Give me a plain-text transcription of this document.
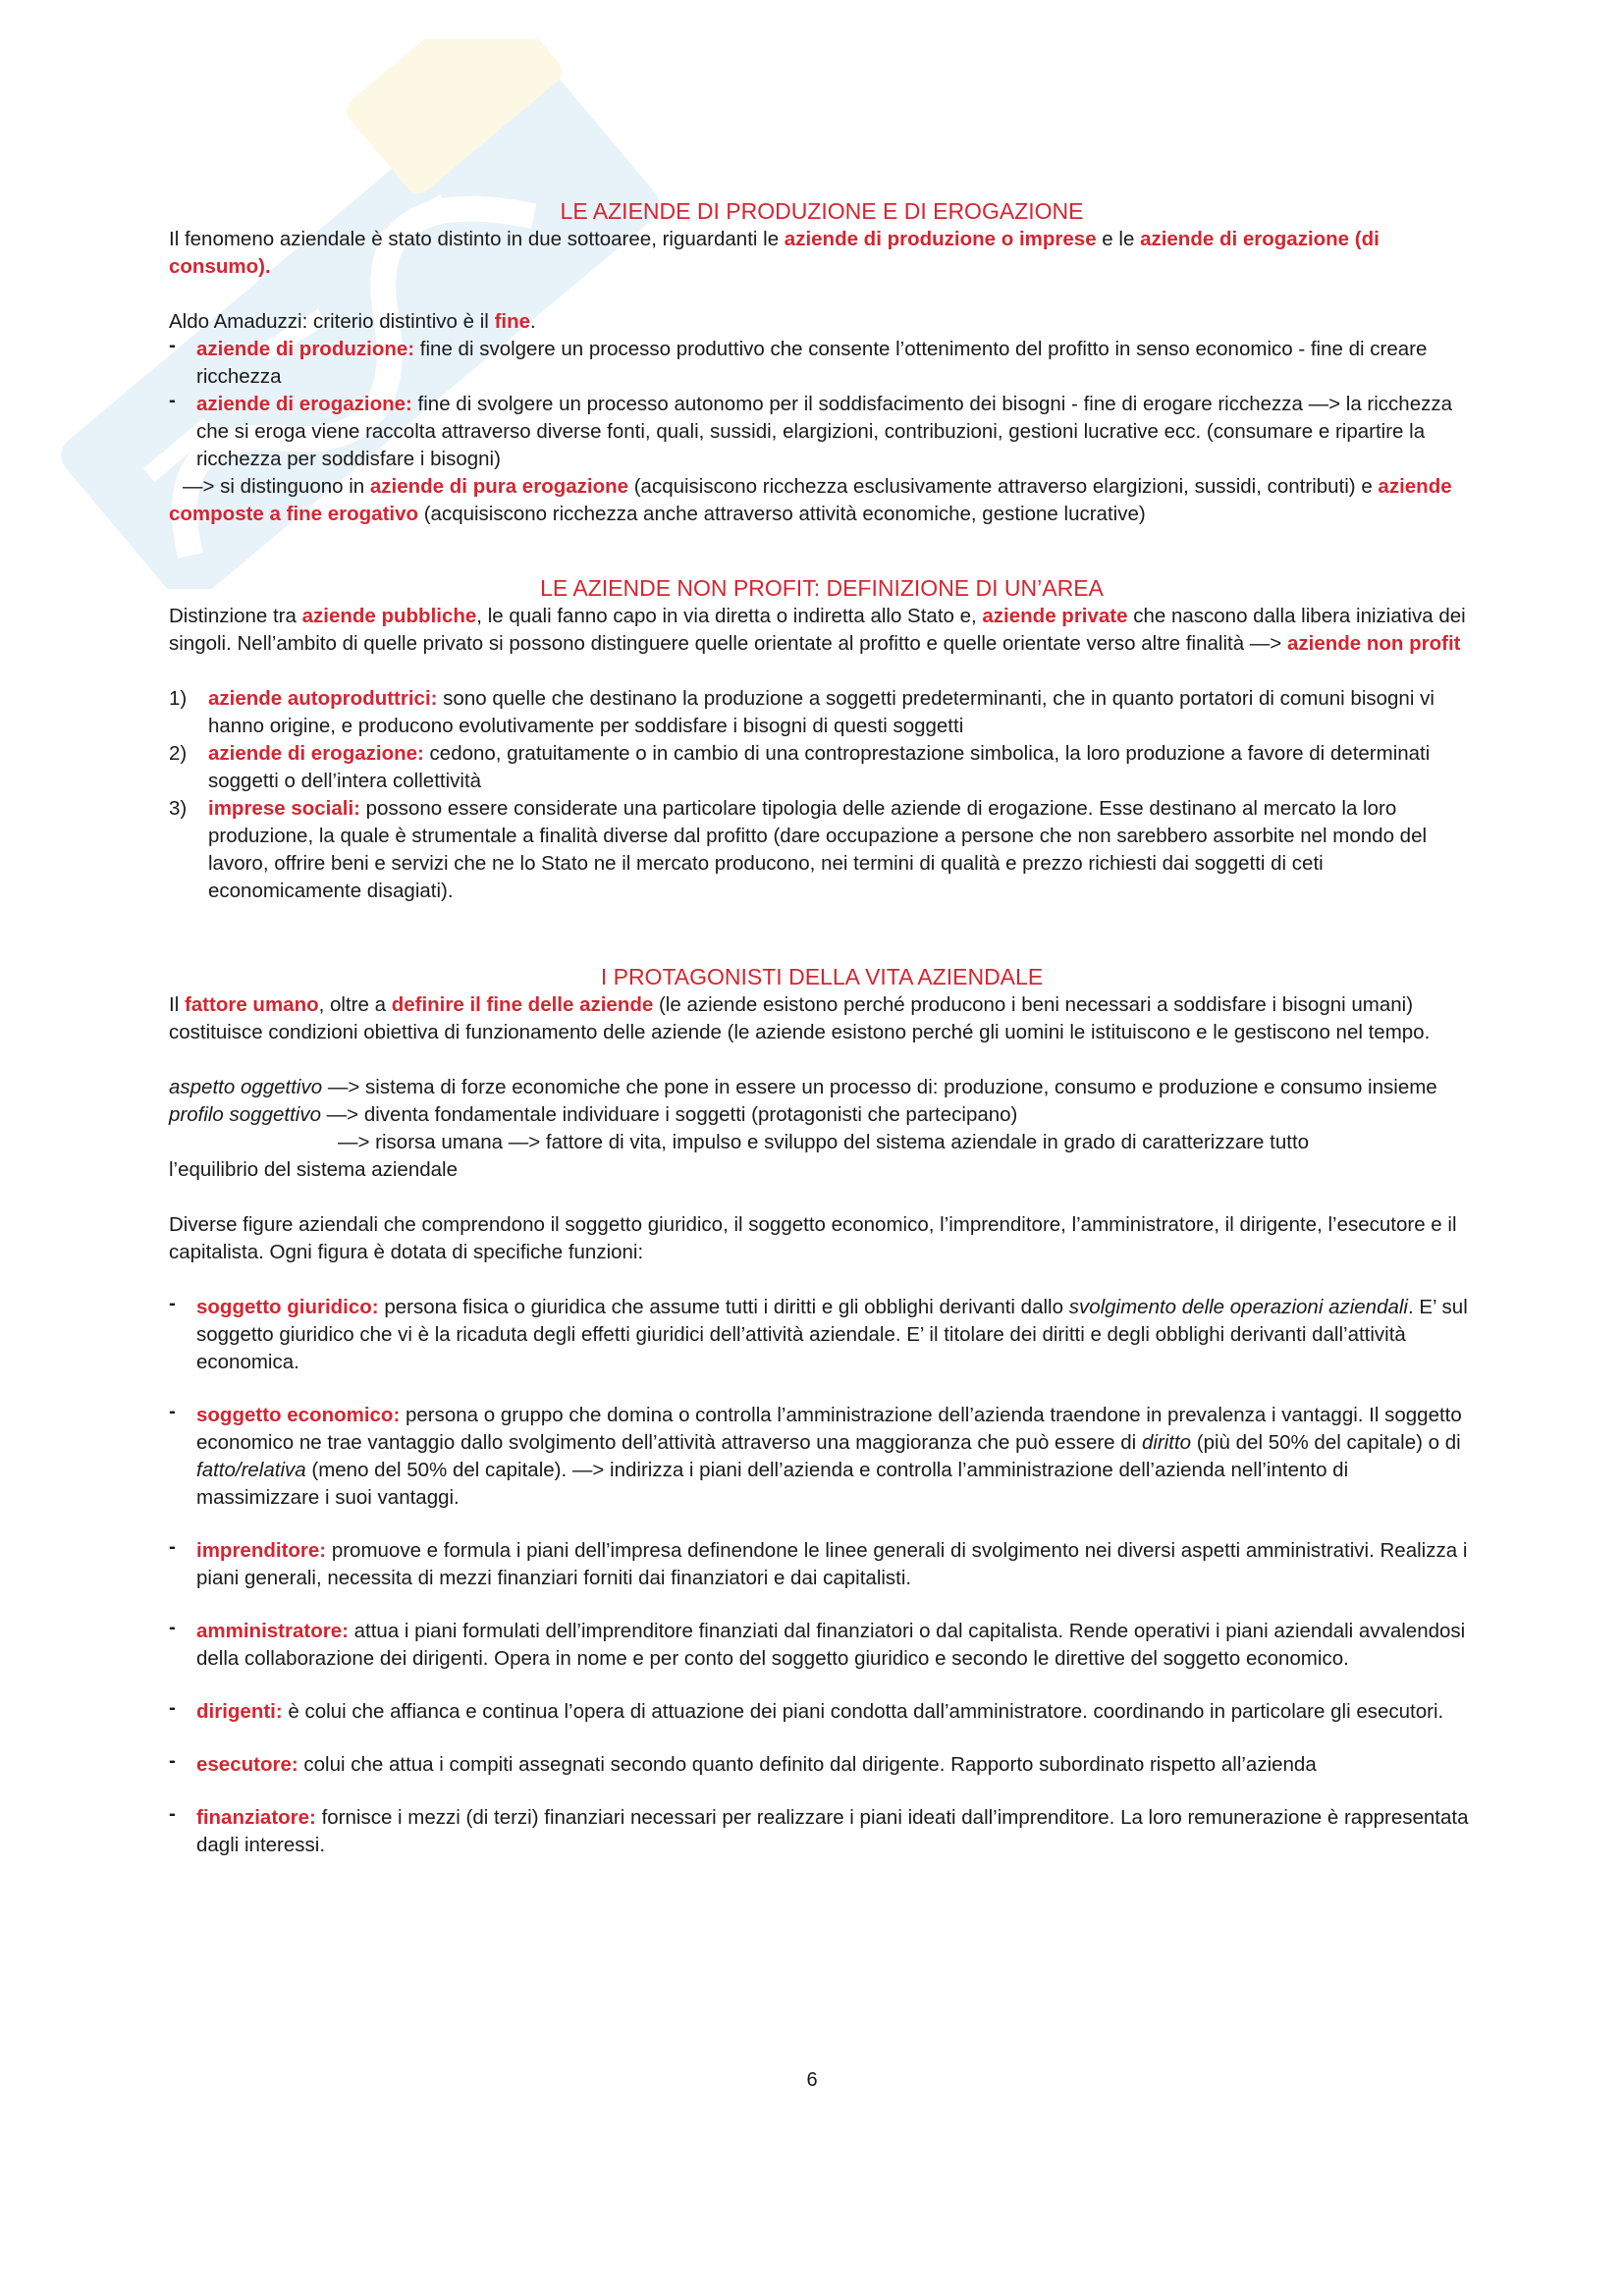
LE AZIENDE DI PRODUZIONE E DI EROGAZIONE

Il fenomeno aziendale è stato distinto in due sottoaree, riguardanti le aziende di produzione o imprese e le aziende di erogazione (di consumo).

Aldo Amaduzzi: criterio distintivo è il fine.

- aziende di produzione: fine di svolgere un processo produttivo che consente l’ottenimento del profitto in senso economico - fine di creare ricchezza

- aziende di erogazione: fine di svolgere un processo autonomo per il soddisfacimento dei bisogni - fine di erogare ricchezza —> la ricchezza che si eroga viene raccolta attraverso diverse fonti, quali, sussidi, elargizioni, contribuzioni, gestioni lucrative ecc. (consumare e ripartire la ricchezza per soddisfare i bisogni)

—> si distinguono in aziende di pura erogazione (acquisiscono ricchezza esclusivamente attraverso elargizioni, sussidi, contributi) e aziende composte a fine erogativo (acquisiscono ricchezza anche attraverso attività economiche, gestione lucrative)

LE AZIENDE NON PROFIT: DEFINIZIONE DI UN’AREA

Distinzione tra aziende pubbliche, le quali fanno capo in via diretta o indiretta allo Stato e, aziende private che nascono dalla libera iniziativa dei singoli. Nell’ambito di quelle privato si possono distinguere quelle orientate al profitto e quelle orientate verso altre finalità —> aziende non profit

1) aziende autoproduttrici: sono quelle che destinano la produzione a soggetti predeterminanti, che in quanto portatori di comuni bisogni vi hanno origine, e producono evolutivamente per soddisfare i bisogni di questi soggetti

2) aziende di erogazione: cedono, gratuitamente o in cambio di una controprestazione simbolica, la loro produzione a favore di determinati soggetti o dell’intera collettività

3) imprese sociali: possono essere considerate una particolare tipologia delle aziende di erogazione. Esse destinano al mercato la loro produzione, la quale è strumentale a finalità diverse dal profitto (dare occupazione a persone che non sarebbero assorbite nel mondo del lavoro, offrire beni e servizi che ne lo Stato ne il mercato producono, nei termini di qualità e prezzo richiesti dai soggetti di ceti economicamente disagiati).

I PROTAGONISTI DELLA VITA AZIENDALE

Il fattore umano, oltre a definire il fine delle aziende (le aziende esistono perché producono i beni necessari a soddisfare i bisogni umani) costituisce condizioni obiettiva di funzionamento delle aziende (le aziende esistono perché gli uomini le istituiscono e le gestiscono nel tempo.

aspetto oggettivo —> sistema di forze economiche che pone in essere un processo di: produzione, consumo e produzione e consumo insieme

profilo soggettivo —> diventa fondamentale individuare i soggetti (protagonisti che partecipano)

—> risorsa umana —> fattore di vita, impulso e sviluppo del sistema aziendale in grado di caratterizzare tutto

l’equilibrio del sistema aziendale

Diverse figure aziendali che comprendono il soggetto giuridico, il soggetto economico, l’imprenditore, l’amministratore, il dirigente, l’esecutore e il capitalista. Ogni figura è dotata di specifiche funzioni:

- soggetto giuridico: persona fisica o giuridica che assume tutti i diritti e gli obblighi derivanti dallo svolgimento delle operazioni aziendali. E’ sul soggetto giuridico che vi è la ricaduta degli effetti giuridici dell’attività aziendale. E’ il titolare dei diritti e degli obblighi derivanti dall’attività economica.

- soggetto economico: persona o gruppo che domina o controlla l’amministrazione dell’azienda traendone in prevalenza i vantaggi. Il soggetto economico ne trae vantaggio dallo svolgimento dell’attività attraverso una maggioranza che può essere di diritto (più del 50% del capitale) o di fatto/relativa (meno del 50% del capitale). —> indirizza i piani dell’azienda e controlla l’amministrazione dell’azienda nell’intento di massimizzare i suoi vantaggi.

- imprenditore: promuove e formula i piani dell’impresa definendone le linee generali di svolgimento nei diversi aspetti amministrativi. Realizza i piani generali, necessita di mezzi finanziari forniti dai finanziatori e dai capitalisti.

- amministratore: attua i piani formulati dell’imprenditore finanziati dal finanziatori o dal capitalista. Rende operativi i piani aziendali avvalendosi della collaborazione dei dirigenti. Opera in nome e per conto del soggetto giuridico e secondo le direttive del soggetto economico.

- dirigenti: è colui che affianca e continua l’opera di attuazione dei piani condotta dall’amministratore. coordinando in particolare gli esecutori.

- esecutore: colui che attua i compiti assegnati secondo quanto definito dal dirigente. Rapporto subordinato rispetto all’azienda

- finanziatore: fornisce i mezzi (di terzi) finanziari necessari per realizzare i piani ideati dall’imprenditore. La loro remunerazione è rappresentata dagli interessi.

6
